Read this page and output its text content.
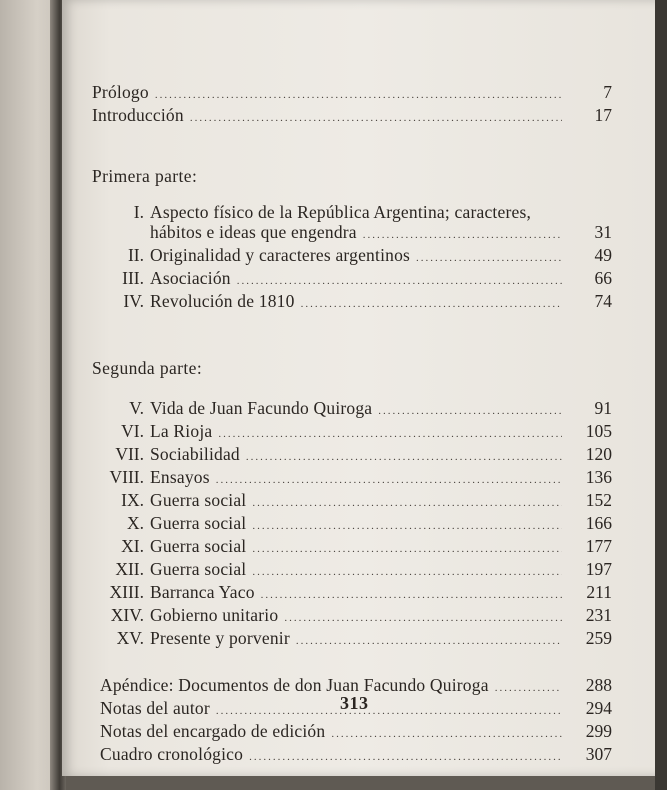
Prólogo .....	7
Introducción .....	17
Primera parte:
I. Aspecto físico de la República Argentina; caracteres,
hábitos e ideas que engendra .....	31
II. Originalidad y caracteres argentinos .....	49
III. Asociación .....	66
IV. Revolución de 1810 .....	74
Segunda parte:
V. Vida de Juan Facundo Quiroga .....	91
VI. La Rioja .....	105
VII. Sociabilidad .....	120
VIII. Ensayos .....	136
IX. Guerra social .....	152
X. Guerra social .....	166
XI. Guerra social .....	177
XII. Guerra social .....	197
XIII. Barranca Yaco .....	211
XIV. Gobierno unitario .....	231
XV. Presente y porvenir .....	259
Apéndice: Documentos de don Juan Facundo Quiroga .....	288
Notas del autor .....	294
Notas del encargado de edición .....	299
Cuadro cronológico .....	307
313
